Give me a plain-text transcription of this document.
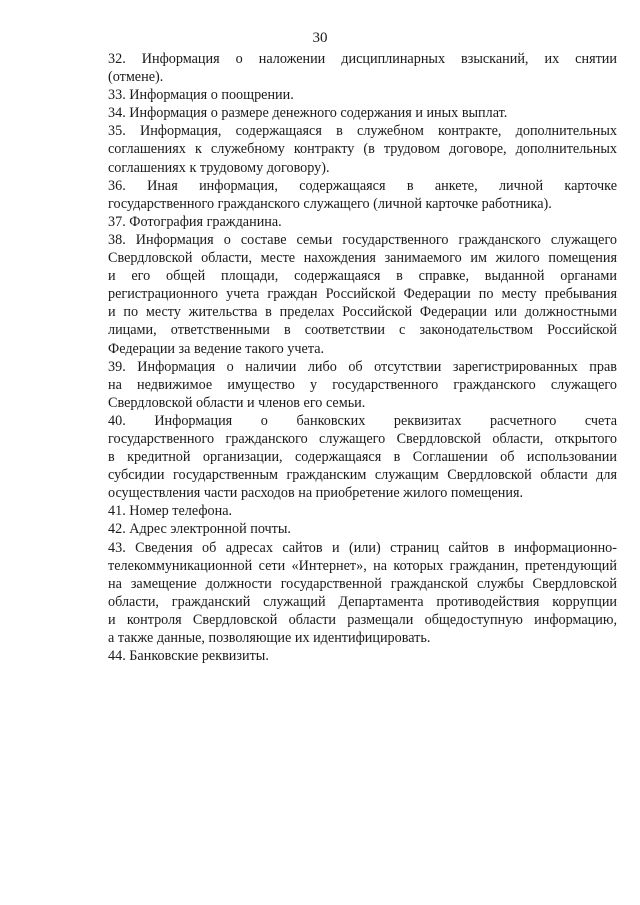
30

32. Информация о наложении дисциплинарных взысканий, их снятии
(отмене).

33. Информация о поощрении.

34. Информация о размере денежного содержания и иных выплат.

35. Информация, содержащаяся в служебном контракте, дополнительных
соглашениях к служебному контракту (в трудовом договоре, дополнительных
соглашениях к трудовому договору).

36. Иная информация, содержащаяся в анкете, личной карточке
государственного гражданского служащего (личной карточке работника).

37. Фотография гражданина.

38. Информация о составе семьи государственного гражданского служащего
Свердловской области, месте нахождения занимаемого им жилого помещения
и его общей площади, содержащаяся в справке, выданной органами
регистрационного учета граждан Российской Федерации по месту пребывания
и по месту жительства в пределах Российской Федерации или должностными
лицами, ответственными в соответствии с законодательством Российской
Федерации за ведение такого учета.

39. Информация о наличии либо об отсутствии зарегистрированных прав
на недвижимое имущество у государственного гражданского служащего
Свердловской области и членов его семьи.

40. Информация о банковских реквизитах расчетного счета
государственного гражданского служащего Свердловской области, открытого
в кредитной организации, содержащаяся в Соглашении об использовании
субсидии государственным гражданским служащим Свердловской области для
осуществления части расходов на приобретение жилого помещения.

41. Номер телефона.

42. Адрес электронной почты.

43. Сведения об адресах сайтов и (или) страниц сайтов в информационно-
телекоммуникационной сети «Интернет», на которых гражданин, претендующий
на замещение должности государственной гражданской службы Свердловской
области, гражданский служащий Департамента противодействия коррупции
и контроля Свердловской области размещали общедоступную информацию,
а также данные, позволяющие их идентифицировать.

44. Банковские реквизиты.
